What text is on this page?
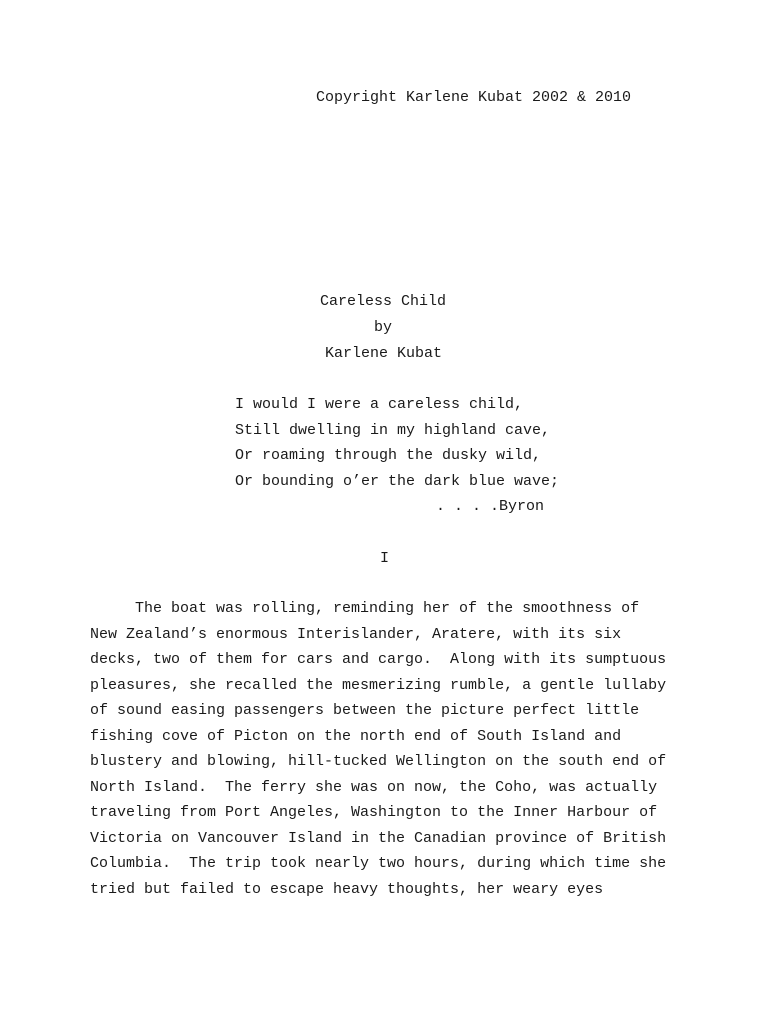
Copyright Karlene Kubat 2002 & 2010
Careless Child
by
Karlene Kubat
I would I were a careless child,
Still dwelling in my highland cave,
Or roaming through the dusky wild,
Or bounding o’er the dark blue wave;
. . . .Byron
I
The boat was rolling, reminding her of the smoothness of
New Zealand’s enormous Interislander, Aratere, with its six
decks, two of them for cars and cargo.  Along with its sumptuous
pleasures, she recalled the mesmerizing rumble, a gentle lullaby
of sound easing passengers between the picture perfect little
fishing cove of Picton on the north end of South Island and
blustery and blowing, hill-tucked Wellington on the south end of
North Island.  The ferry she was on now, the Coho, was actually
traveling from Port Angeles, Washington to the Inner Harbour of
Victoria on Vancouver Island in the Canadian province of British
Columbia.  The trip took nearly two hours, during which time she
tried but failed to escape heavy thoughts, her weary eyes
